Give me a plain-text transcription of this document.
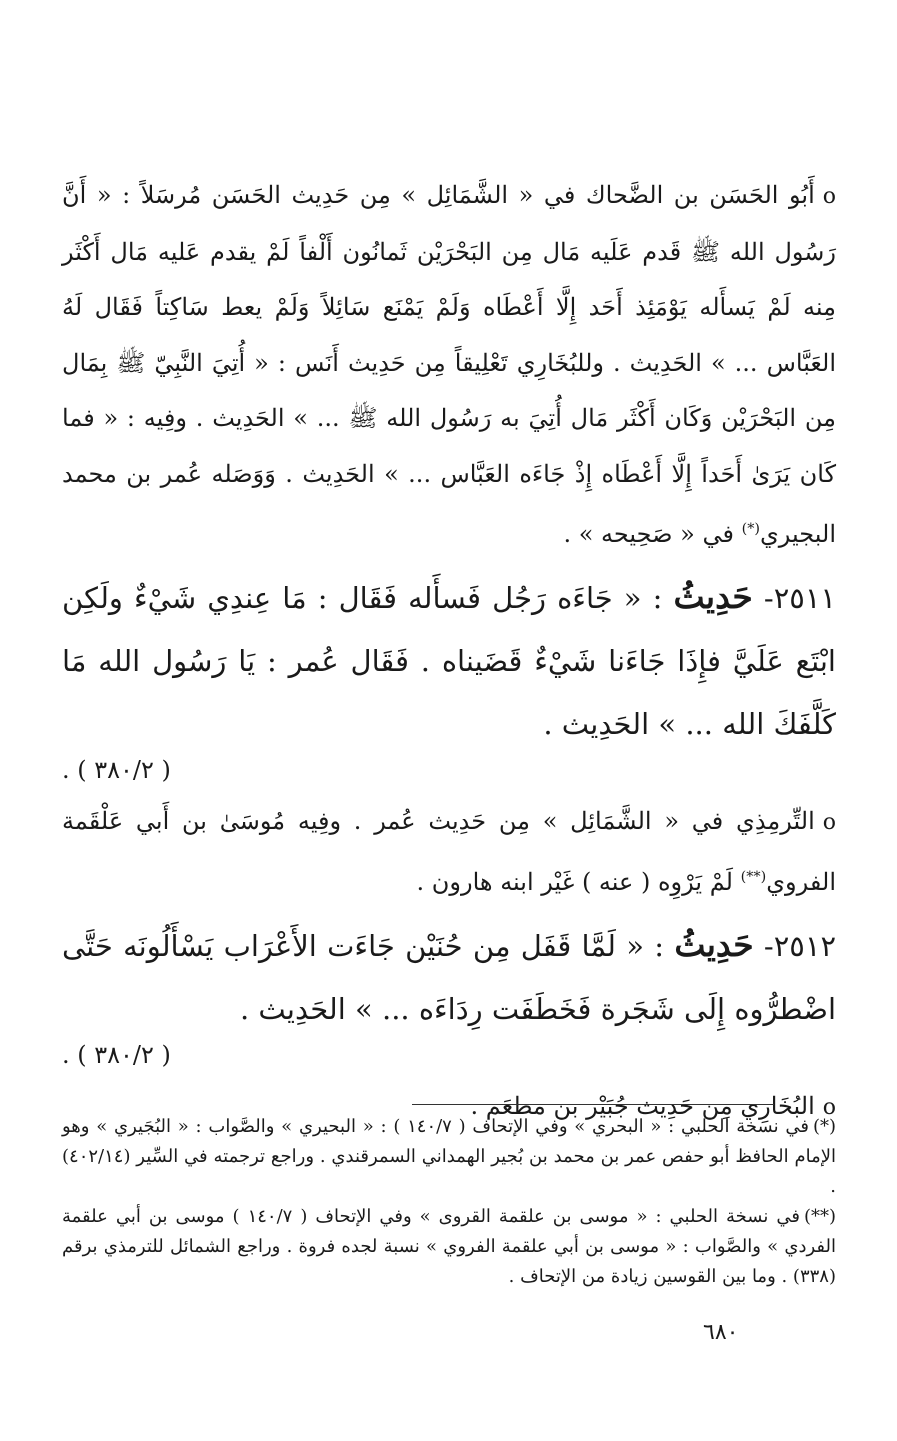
οأَبُو الحَسَن بن الضَّحاك في « الشَّمَائِل » مِن حَدِيث الحَسَن مُرسَلاً : « أَنَّ رَسُول الله ﷺ قَدم عَلَيه مَال مِن البَحْرَيْن ثَمانُون أَلْفاً لَمْ يقدم عَليه مَال أَكْثَر مِنه لَمْ يَسأَله يَوْمَئِذ أَحَد إِلَّا أَعْطَاه وَلَمْ يَمْنَع سَائِلاً وَلَمْ يعط سَاكِتاً فَقَال لَهُ العَبَّاس ... » الحَدِيث . وللبُخَارِي تَعْلِيقاً مِن حَدِيث أَنَس : « أُتِيَ النَّبِيّ ﷺ بِمَال مِن البَحْرَيْن وَكَان أَكْثَر مَال أُتِيَ به رَسُول الله ﷺ ... » الحَدِيث . وفِيه : « فما كَان يَرَىٰ أَحَداً إِلَّا أَعْطَاه إِذْ جَاءَه العَبَّاس ... » الحَدِيث . وَوَصَله عُمر بن محمد البجيري(*) في « صَحِيحه » .

٢٥١١- حَدِيثُ : « جَاءَه رَجُل فَسأَله فَقَال : مَا عِندِي شَيْءٌ ولَكِن ابْتَع عَلَيَّ فإِذَا جَاءَنا شَيْءٌ قَضَيناه . فَقَال عُمر : يَا رَسُول الله مَا كَلَّفَكَ الله ... » الحَدِيث .

( ٣٨٠/٢ ) .

οالتِّرمِذِي في « الشَّمَائِل » مِن حَدِيث عُمر . وفِيه مُوسَىٰ بن أَبي عَلْقَمة الفروي(**) لَمْ يَرْوِه ( عنه ) غَيْر ابنه هارون .

٢٥١٢- حَدِيثُ : « لَمَّا قَفَل مِن حُنَيْن جَاءَت الأَعْرَاب يَسْأَلُونَه حَتَّى اضْطرُّوه إِلَى شَجَرة فَخَطَفَت رِدَاءَه ... » الحَدِيث .

( ٣٨٠/٢ ) .

οالبُخَارِي مِن حَدِيث جُبَيْر بن مطعَم .

(*)في نسخة الحلبي : « البحري » وفي الإتحاف ( ١٤٠/٧ ) : « البحيري » والصَّواب : « البُجَيري » وهو الإمام الحافظ أبو حفص عمر بن محمد بن بُجير الهمداني السمرقندي . وراجع ترجمته في السِّير (٤٠٢/١٤) .

(**)في نسخة الحلبي : « موسى بن علقمة القروى » وفي الإتحاف ( ١٤٠/٧ ) موسى بن أبي علقمة الفردي » والصَّواب : « موسى بن أبي علقمة الفروي » نسبة لجده فروة . وراجع الشمائل للترمذي برقم (٣٣٨) . وما بين القوسين زيادة من الإتحاف .

٦٨٠
